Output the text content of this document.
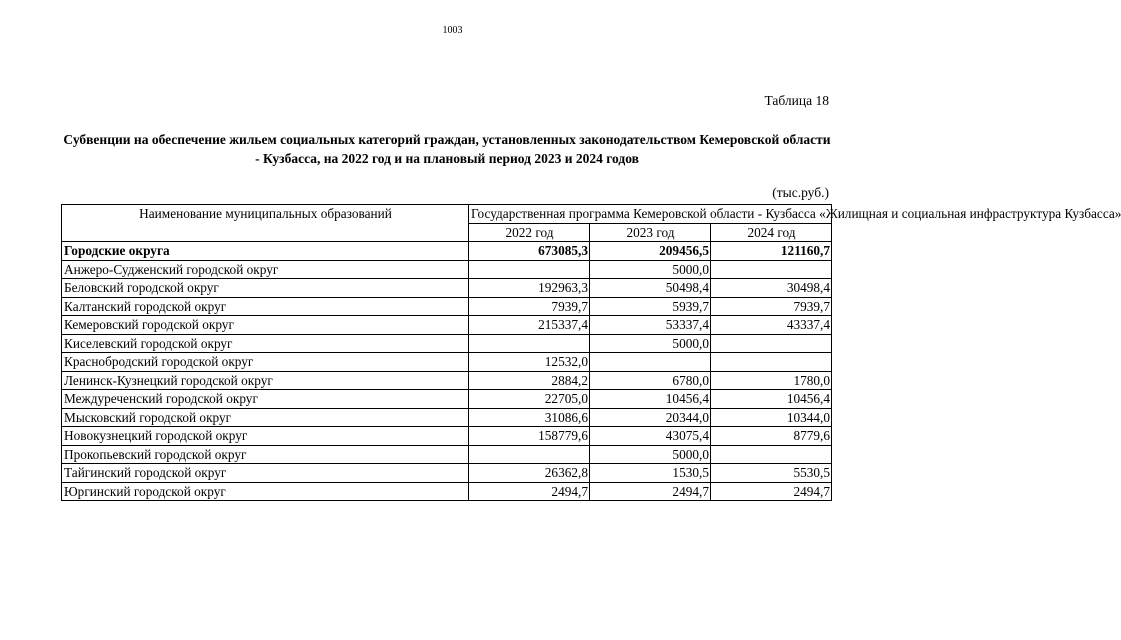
1003
Таблица 18
Субвенции на обеспечение жильем социальных категорий граждан, установленных законодательством Кемеровской области - Кузбасса, на 2022 год и на плановый период 2023 и 2024 годов
(тыс.руб.)
Наименование муниципальных образований	Государственная программа Кемеровской области - Кузбасса «Жилищная и социальная инфраструктура Кузбасса»		
	2022 год	2023 год	2024 год
Городские округа	673085,3	209456,5	121160,7
Анжеро-Судженский городской округ		5000,0	
Беловский городской округ	192963,3	50498,4	30498,4
Калтанский городской округ	7939,7	5939,7	7939,7
Кемеровский городской округ	215337,4	53337,4	43337,4
Киселевский городской округ		5000,0	
Краснобродский городской округ	12532,0		
Ленинск-Кузнецкий городской округ	2884,2	6780,0	1780,0
Междуреченский городской округ	22705,0	10456,4	10456,4
Мысковский городской округ	31086,6	20344,0	10344,0
Новокузнецкий городской округ	158779,6	43075,4	8779,6
Прокопьевский городской округ		5000,0	
Тайгинский городской округ	26362,8	1530,5	5530,5
Юргинский городской округ	2494,7	2494,7	2494,7
